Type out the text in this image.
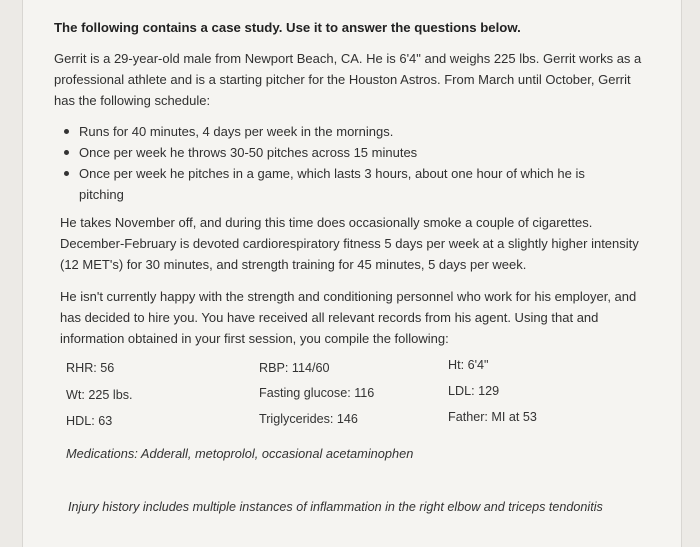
The following contains a case study. Use it to answer the questions below.
Gerrit is a 29-year-old male from Newport Beach, CA. He is 6'4" and weighs 225 lbs. Gerrit works as a professional athlete and is a starting pitcher for the Houston Astros. From March until October, Gerrit has the following schedule:
Runs for 40 minutes, 4 days per week in the mornings.
Once per week he throws 30-50 pitches across 15 minutes
Once per week he pitches in a game, which lasts 3 hours, about one hour of which he is pitching
He takes November off, and during this time does occasionally smoke a couple of cigarettes. December-February is devoted cardiorespiratory fitness 5 days per week at a slightly higher intensity (12 MET's) for 30 minutes, and strength training for 45 minutes, 5 days per week.
He isn't currently happy with the strength and conditioning personnel who work for his employer, and has decided to hire you. You have received all relevant records from his agent. Using that and information obtained in your first session, you compile the following:
RHR: 56	RBP: 114/60	Ht: 6'4"
Wt: 225 lbs.	Fasting glucose: 116	LDL: 129
HDL: 63	Triglycerides: 146	Father: MI at 53
Medications: Adderall, metoprolol, occasional acetaminophen
Injury history includes multiple instances of inflammation in the right elbow and triceps tendonitis
